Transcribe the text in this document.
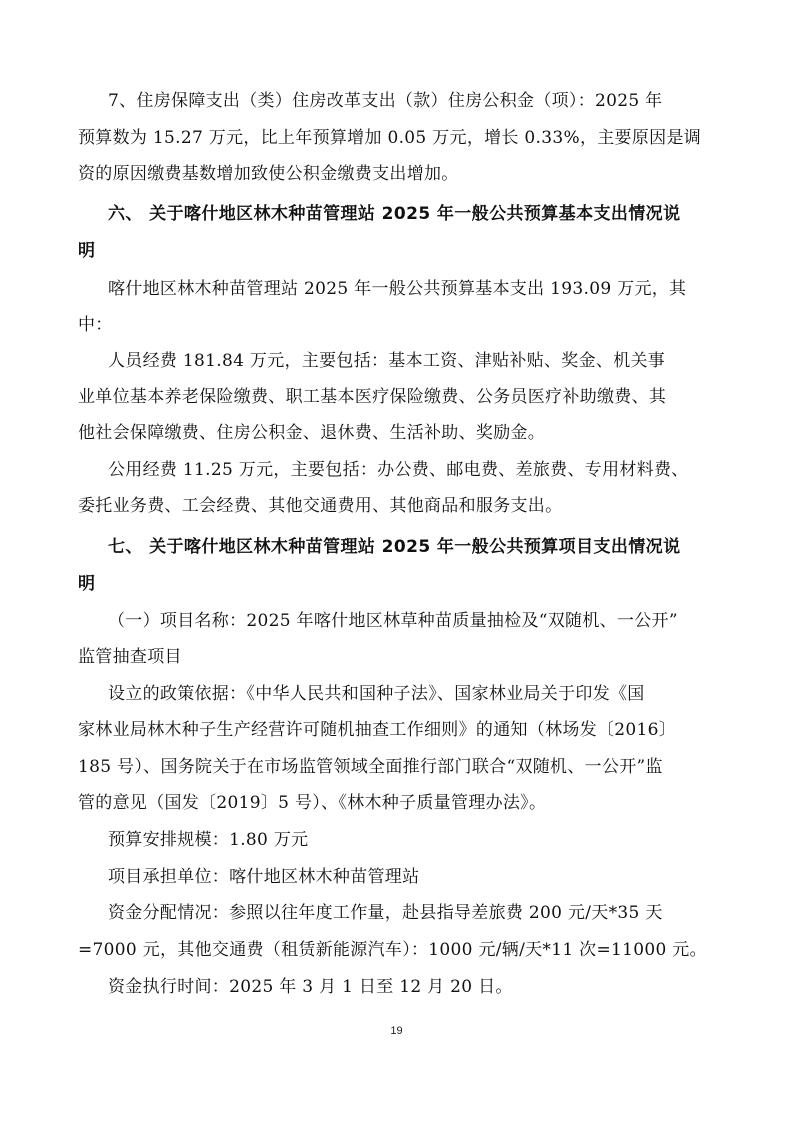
7、住房保障支出（类）住房改革支出（款）住房公积金（项）：2025 年
预算数为 15.27 万元，比上年预算增加 0.05 万元，增长 0.33%，主要原因是调
资的原因缴费基数增加致使公积金缴费支出增加。
六、 关于喀什地区林木种苗管理站 2025 年一般公共预算基本支出情况说
明
喀什地区林木种苗管理站 2025 年一般公共预算基本支出 193.09 万元，其
中：
人员经费 181.84 万元，主要包括：基本工资、津贴补贴、奖金、机关事
业单位基本养老保险缴费、职工基本医疗保险缴费、公务员医疗补助缴费、其
他社会保障缴费、住房公积金、退休费、生活补助、奖励金。
公用经费 11.25 万元，主要包括：办公费、邮电费、差旅费、专用材料费、
委托业务费、工会经费、其他交通费用、其他商品和服务支出。
七、 关于喀什地区林木种苗管理站 2025 年一般公共预算项目支出情况说
明
（一）项目名称：2025 年喀什地区林草种苗质量抽检及“双随机、一公开”
监管抽查项目
设立的政策依据：《中华人民共和国种子法》、国家林业局关于印发《国
家林业局林木种子生产经营许可随机抽查工作细则》的通知（林场发〔2016〕
185 号）、国务院关于在市场监管领域全面推行部门联合“双随机、一公开”监
管的意见（国发〔2019〕5 号）、《林木种子质量管理办法》。
预算安排规模：1.80 万元
项目承担单位：喀什地区林木种苗管理站
资金分配情况：参照以往年度工作量，赴县指导差旅费 200 元/天*35 天
=7000 元，其他交通费（租赁新能源汽车）：1000 元/辆/天*11 次=11000 元。
资金执行时间：2025 年 3 月 1 日至 12 月 20 日。
19
